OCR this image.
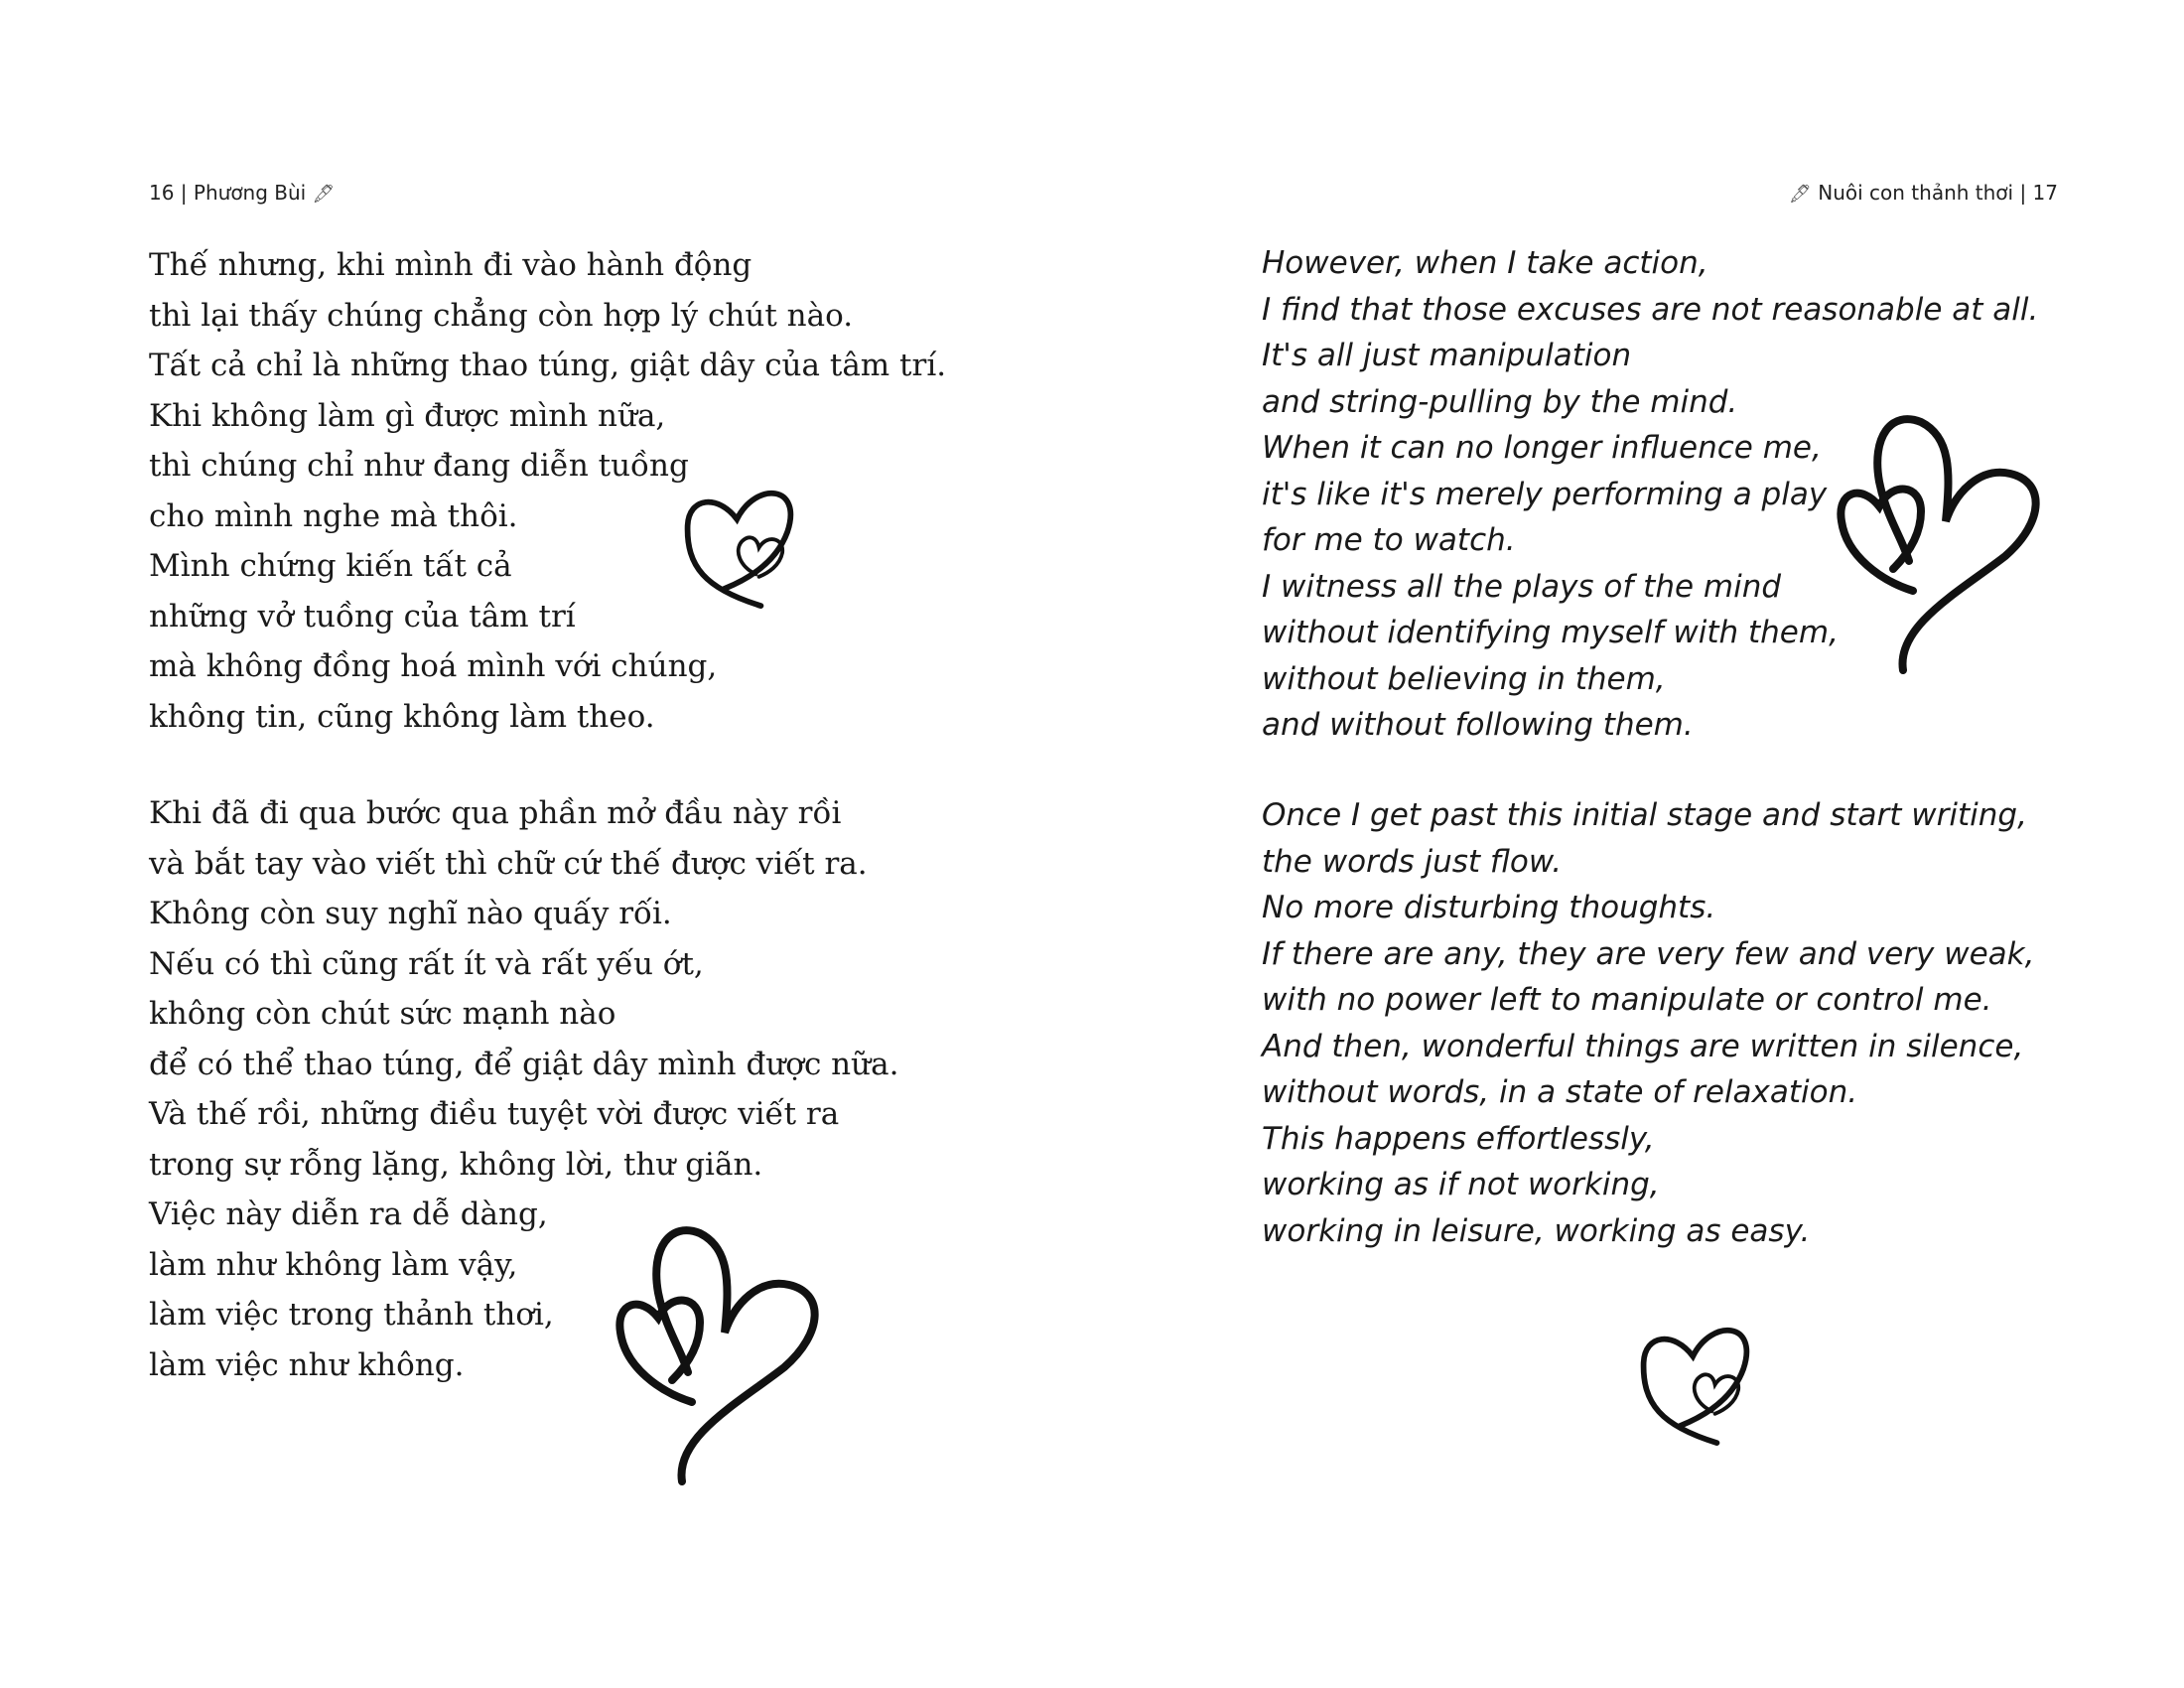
16 | Phương Bùi 🖋︎	🖋︎ Nuôi con thảnh thơi | 17
Thế nhưng, khi mình đi vào hành động
thì lại thấy chúng chẳng còn hợp lý chút nào.
Tất cả chỉ là những thao túng, giật dây của tâm trí.
Khi không làm gì được mình nữa,
thì chúng chỉ như đang diễn tuồng
cho mình nghe mà thôi.
Mình chứng kiến tất cả
những vở tuồng của tâm trí
mà không đồng hoá mình với chúng,
không tin, cũng không làm theo.
Khi đã đi qua bước qua phần mở đầu này rồi
và bắt tay vào viết thì chữ cứ thế được viết ra.
Không còn suy nghĩ nào quấy rối.
Nếu có thì cũng rất ít và rất yếu ớt,
không còn chút sức mạnh nào
để có thể thao túng, để giật dây mình được nữa.
Và thế rồi, những điều tuyệt vời được viết ra
trong sự rỗng lặng, không lời, thư giãn.
Việc này diễn ra dễ dàng,
làm như không làm vậy,
làm việc trong thảnh thơi,
làm việc như không.
However, when I take action,
I find that those excuses are not reasonable at all.
It's all just manipulation
and string-pulling by the mind.
When it can no longer influence me,
it's like it's merely performing a play
for me to watch.
I witness all the plays of the mind
without identifying myself with them,
without believing in them,
and without following them.
Once I get past this initial stage and start writing,
the words just flow.
No more disturbing thoughts.
If there are any, they are very few and very weak,
with no power left to manipulate or control me.
And then, wonderful things are written in silence,
without words, in a state of relaxation.
This happens effortlessly,
working as if not working,
working in leisure, working as easy.
